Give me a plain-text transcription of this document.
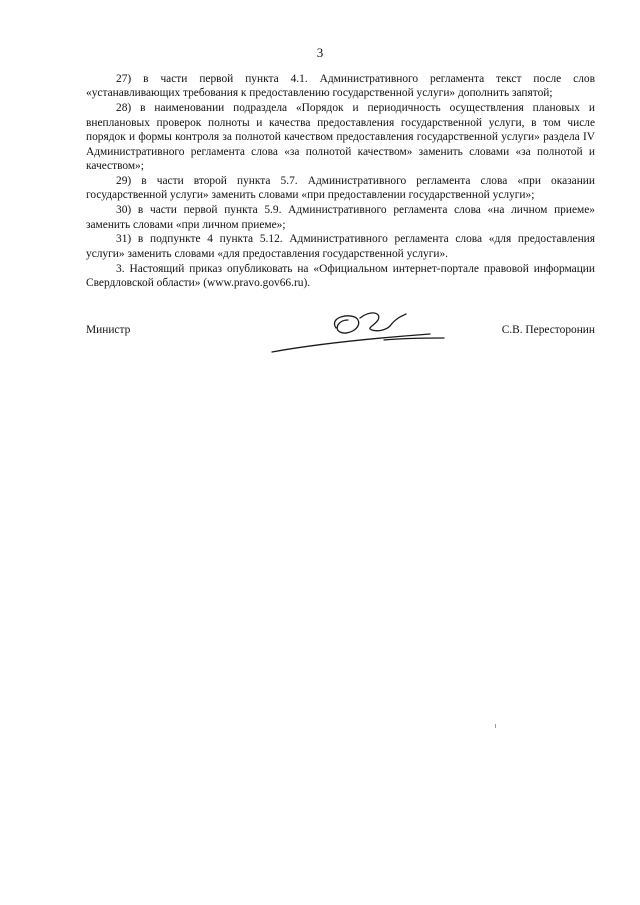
3

27) в части первой пункта 4.1. Административного регламента текст после слов «устанавливающих требования к предоставлению государственной услуги» дополнить запятой;

28) в наименовании подраздела «Порядок и периодичность осуществления плановых и внеплановых проверок полноты и качества предоставления государственной услуги, в том числе порядок и формы контроля за полнотой качеством предоставления государственной услуги» раздела IV Административного регламента слова «за полнотой качеством» заменить словами «за полнотой и качеством»;

29) в части второй пункта 5.7. Административного регламента слова «при оказании государственной услуги» заменить словами «при предоставлении государственной услуги»;

30) в части первой пункта 5.9. Административного регламента слова «на личном приеме» заменить словами «при личном приеме»;

31) в подпункте 4 пункта 5.12. Административного регламента слова «для предоставления услуги» заменить словами «для предоставления государственной услуги».

3. Настоящий приказ опубликовать на «Официальном интернет-портале правовой информации Свердловской области» (www.pravo.gov66.ru).

Министр	С.В. Пересторонин
